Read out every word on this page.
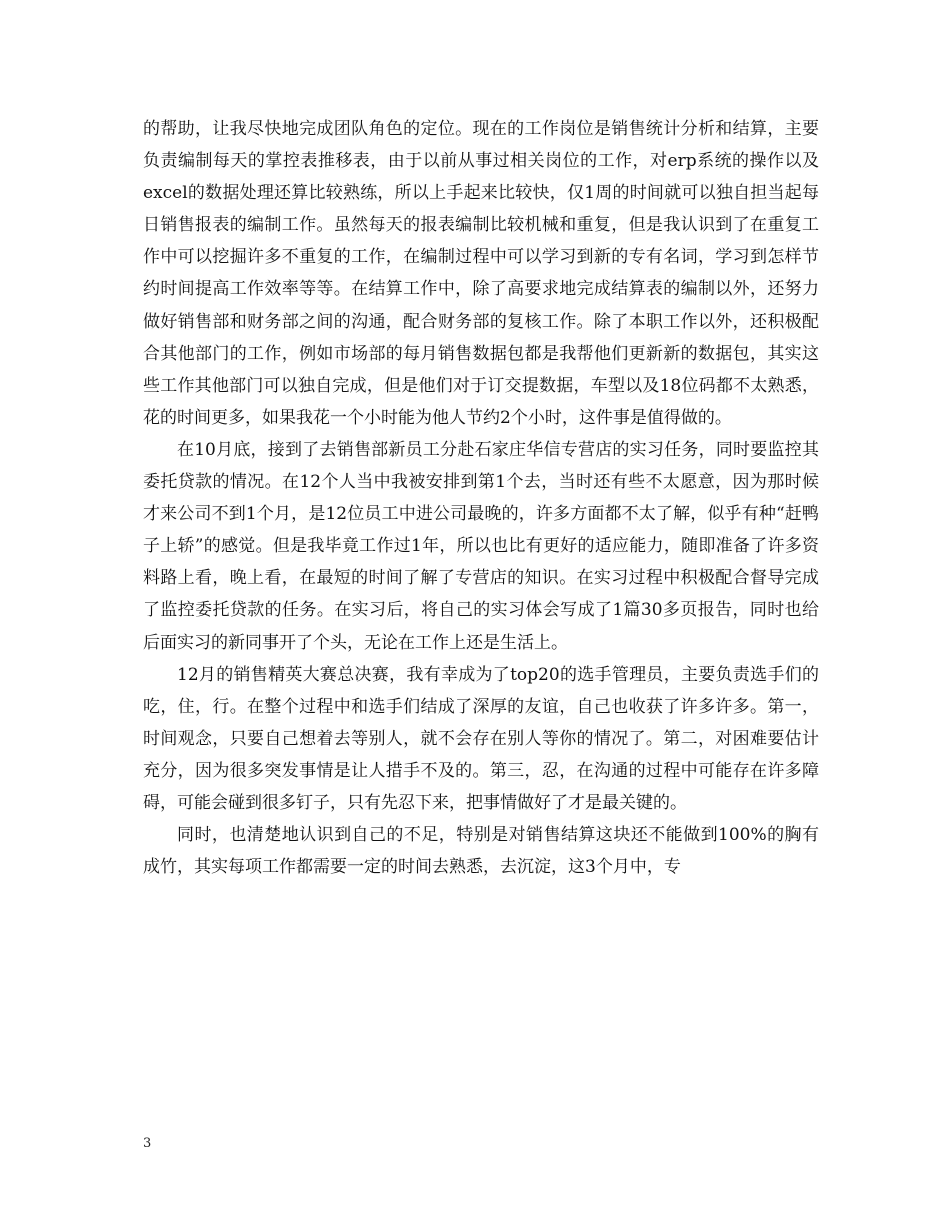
的帮助，让我尽快地完成团队角色的定位。现在的工作岗位是销售统计分析和结算，主要负责编制每天的掌控表推移表，由于以前从事过相关岗位的工作，对erp系统的操作以及excel的数据处理还算比较熟练，所以上手起来比较快，仅1周的时间就可以独自担当起每日销售报表的编制工作。虽然每天的报表编制比较机械和重复，但是我认识到了在重复工作中可以挖掘许多不重复的工作，在编制过程中可以学习到新的专有名词，学习到怎样节约时间提高工作效率等等。在结算工作中，除了高要求地完成结算表的编制以外，还努力做好销售部和财务部之间的沟通，配合财务部的复核工作。除了本职工作以外，还积极配合其他部门的工作，例如市场部的每月销售数据包都是我帮他们更新新的数据包，其实这些工作其他部门可以独自完成，但是他们对于订交提数据，车型以及18位码都不太熟悉，花的时间更多，如果我花一个小时能为他人节约2个小时，这件事是值得做的。

在10月底，接到了去销售部新员工分赴石家庄华信专营店的实习任务，同时要监控其委托贷款的情况。在12个人当中我被安排到第1个去，当时还有些不太愿意，因为那时候才来公司不到1个月，是12位员工中进公司最晚的，许多方面都不太了解，似乎有种“赶鸭子上轿”的感觉。但是我毕竟工作过1年，所以也比有更好的适应能力，随即准备了许多资料路上看，晚上看，在最短的时间了解了专营店的知识。在实习过程中积极配合督导完成了监控委托贷款的任务。在实习后，将自己的实习体会写成了1篇30多页报告，同时也给后面实习的新同事开了个头，无论在工作上还是生活上。

12月的销售精英大赛总决赛，我有幸成为了top20的选手管理员，主要负责选手们的吃，住，行。在整个过程中和选手们结成了深厚的友谊，自己也收获了许多许多。第一，时间观念，只要自己想着去等别人，就不会存在别人等你的情况了。第二，对困难要估计充分，因为很多突发事情是让人措手不及的。第三，忍，在沟通的过程中可能存在许多障碍，可能会碰到很多钉子，只有先忍下来，把事情做好了才是最关键的。

同时，也清楚地认识到自己的不足，特别是对销售结算这块还不能做到100%的胸有成竹，其实每项工作都需要一定的时间去熟悉，去沉淀，这3个月中，专

3
